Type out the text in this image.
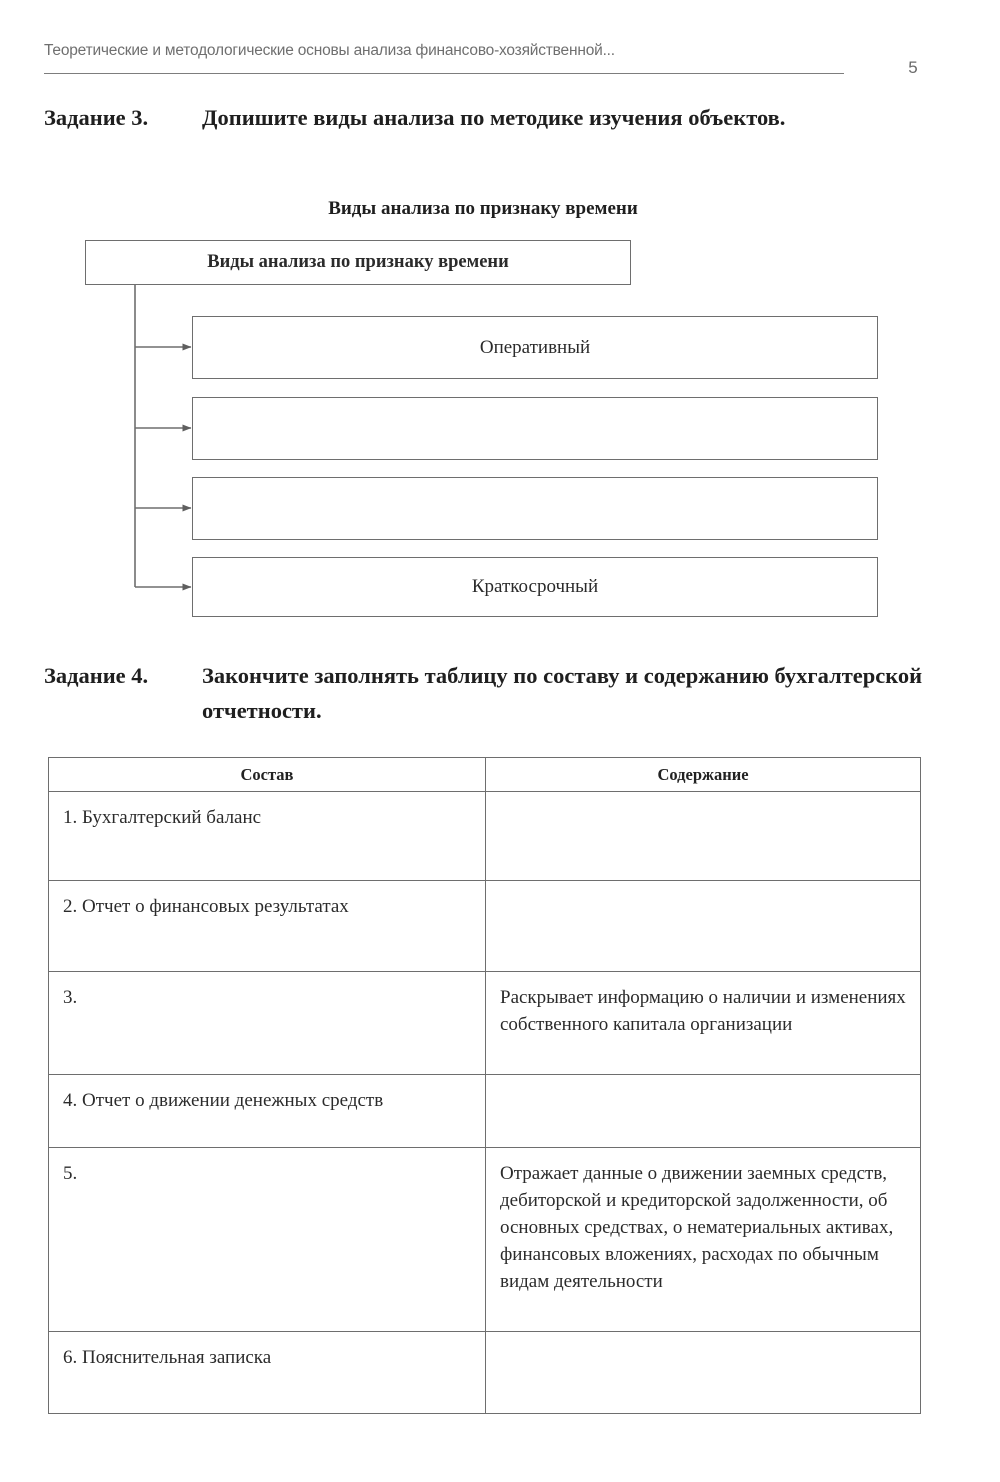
Теоретические и методологические основы анализа финансово-хозяйственной...
5
Задание 3. Допишите виды анализа по методике изучения объектов.
Виды анализа по признаку времени
Виды анализа по признаку времени
Оперативный
Краткосрочный
Задание 4. Закончите заполнять таблицу по составу и содержанию бухгалтерской отчетности.
Состав	Содержание

1. Бухгалтерский баланс	

2. Отчет о финансовых результатах	

3.	Раскрывает информацию о наличии и изменениях собственного капитала организации

4. Отчет о движении денежных средств	

5.	Отражает данные о движении заемных средств, дебиторской и кредиторской задолженности, об основных средствах, о нематериальных активах, финансовых вложениях, расходах по обычным видам деятельности

6. Пояснительная записка	
